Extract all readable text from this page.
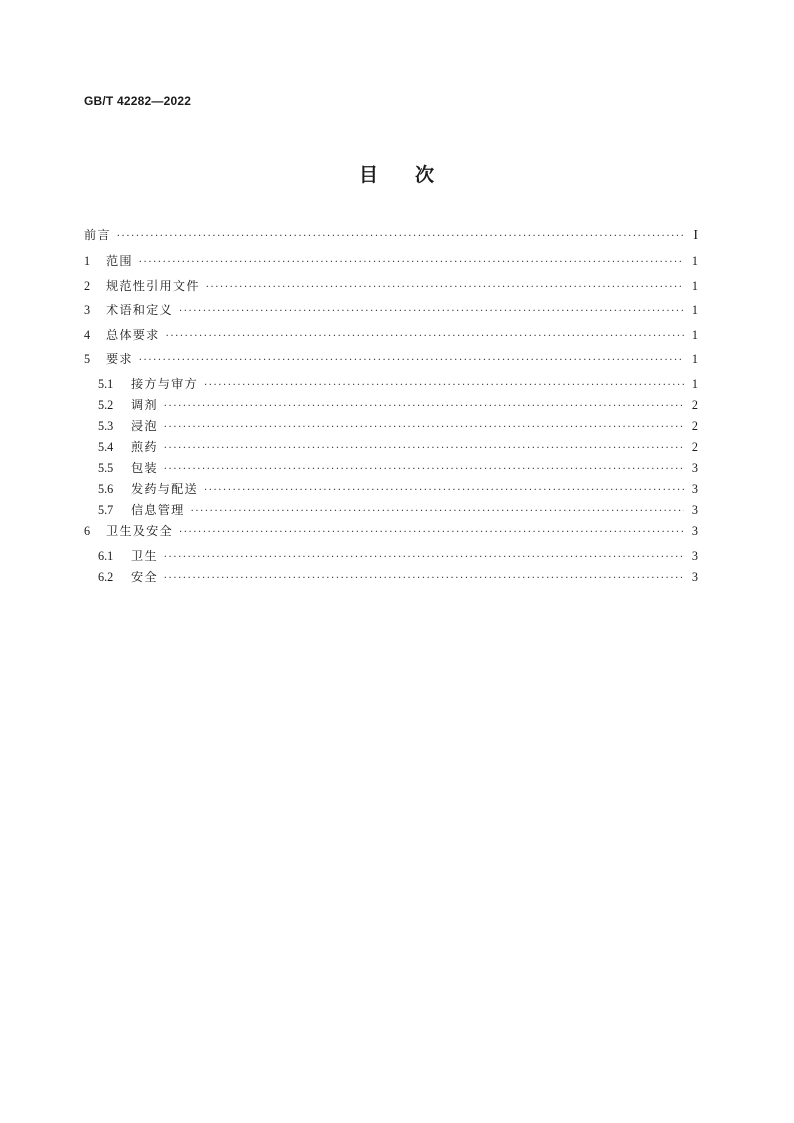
GB/T 42282—2022
目 次
前言 ·····	I
1	范围 ·····	1
2	规范性引用文件 ·····	1
3	术语和定义 ·····	1
4	总体要求 ·····	1
5	要求 ·····	1
5.1	接方与审方 ·····	1
5.2	调剂 ·····	2
5.3	浸泡 ·····	2
5.4	煎药 ·····	2
5.5	包装 ·····	3
5.6	发药与配送 ·····	3
5.7	信息管理 ·····	3
6	卫生及安全 ·····	3
6.1	卫生 ·····	3
6.2	安全 ·····	3
